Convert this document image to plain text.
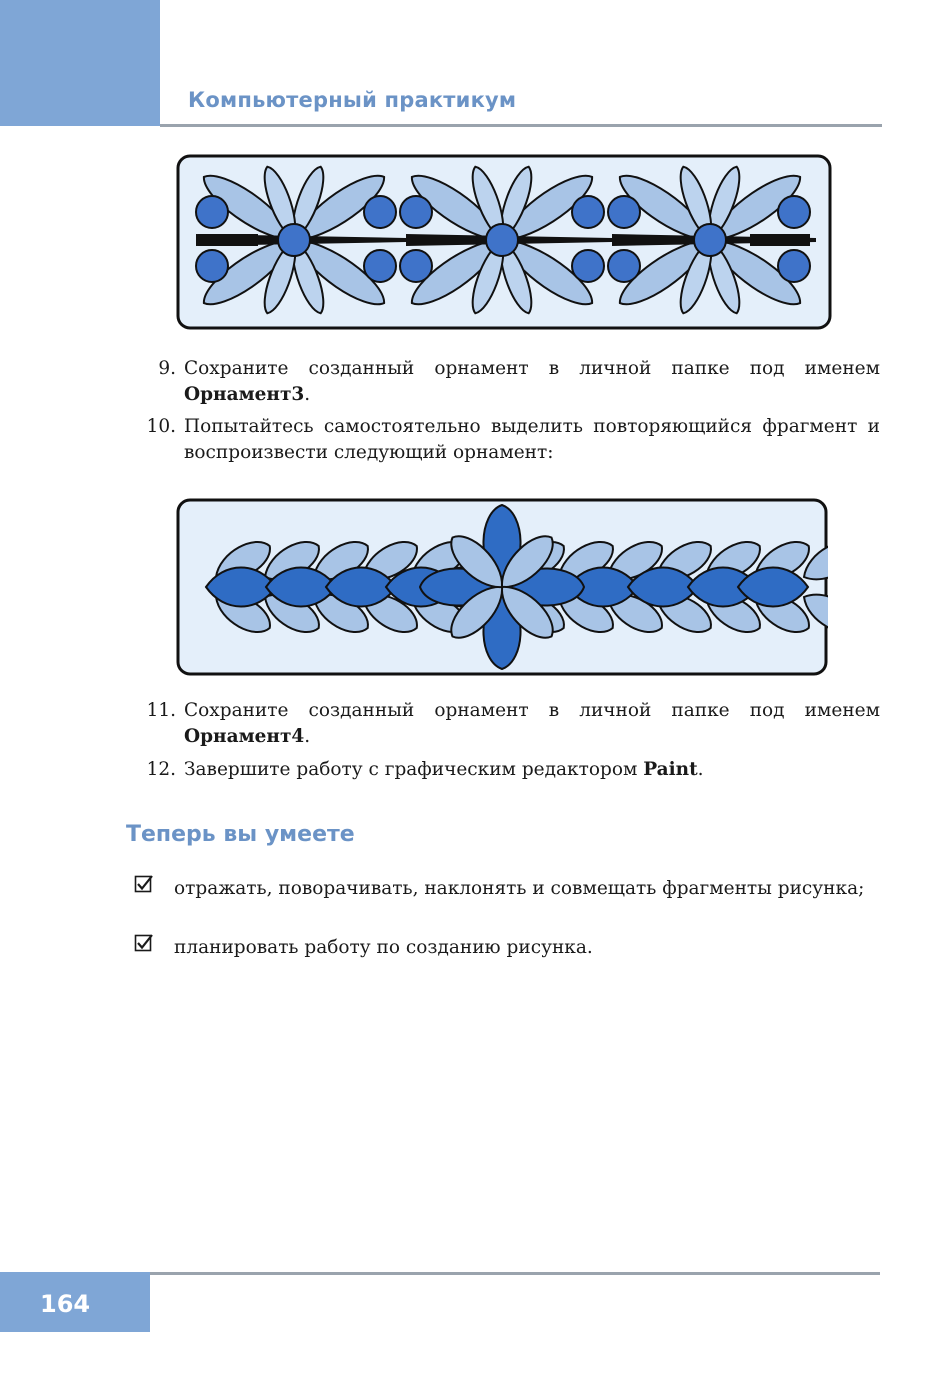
Компьютерный практикум
9. Сохраните созданный орнамент в личной папке под именем Орнамент3.
10. Попытайтесь самостоятельно выделить повторяющийся фрагмент и воспроизвести следующий орнамент:
11. Сохраните созданный орнамент в личной папке под именем Орнамент4.
12. Завершите работу с графическим редактором Paint.
Теперь вы умеете
отражать, поворачивать, наклонять и совмещать фрагменты рисунка;
планировать работу по созданию рисунка.
164
